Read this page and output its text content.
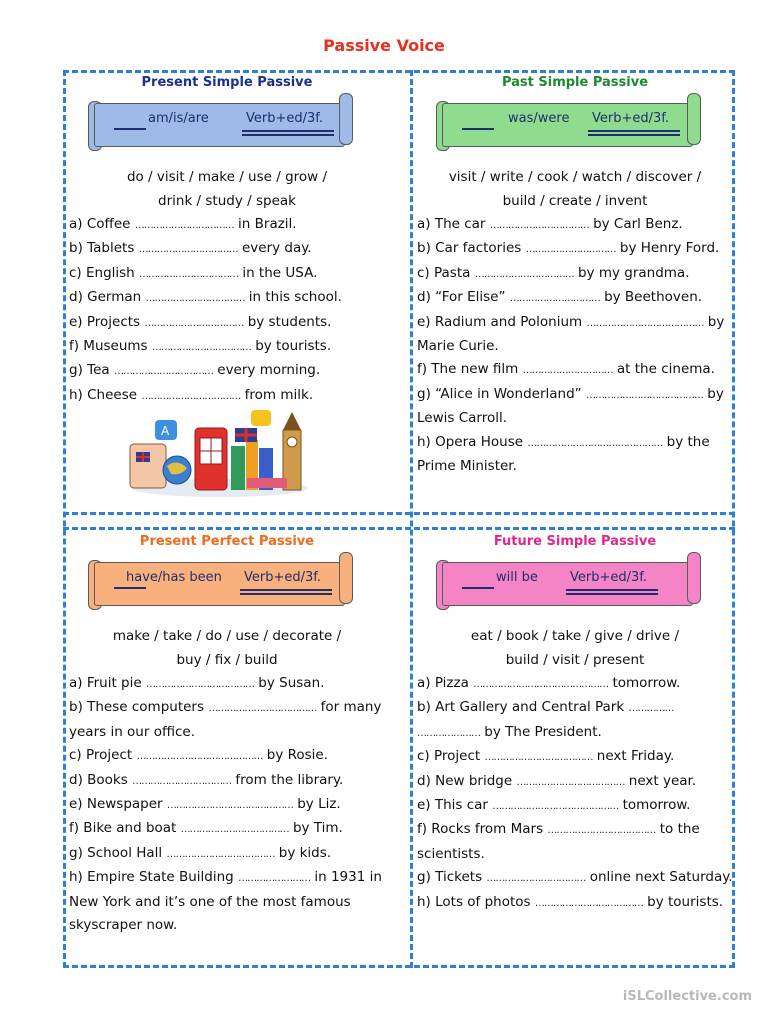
Passive Voice
Present Simple Passive
am/is/are	Verb+ed/3f.
do / visit / make / use / grow /
drink / study / speak
a) Coffee …………………………… in Brazil.
b) Tablets …………………………… every day.
c) English …………………………… in the USA.
d) German …………………………… in this school.
e) Projects …………………………… by students.
f) Museums …………………………… by tourists.
g) Tea …………………………… every morning.
h) Cheese …………………………… from milk.
Past Simple Passive
was/were Verb+ed/3f.
visit / write / cook / watch / discover /
build / create / invent
a) The car …………………………… by Carl Benz.
b) Car factories ………………………… by Henry Ford.
c) Pasta …………………………… by my grandma.
d) “For Elise” ………………………… by Beethoven.
e) Radium and Polonium ………………………………… by Marie Curie.
f) The new film ………………………… at the cinema.
g) “Alice in Wonderland” ………………………………… by Lewis Carroll.
h) Opera House ……………………………………… by the Prime Minister.
Present Perfect Passive
have/has been Verb+ed/3f.
make / take / do / use / decorate /
buy / fix / build
a) Fruit pie ……………………………… by Susan.
b) These computers ……………………………… for many years in our office.
c) Project …………………………………… by Rosie.
d) Books …………………………… from the library.
e) Newspaper …………………………………… by Liz.
f) Bike and boat ……………………………… by Tim.
g) School Hall ……………………………… by kids.
h) Empire State Building …………………… in 1931 in New York and it’s one of the most famous skyscraper now.
Future Simple Passive
will be Verb+ed/3f.
eat / book / take / give / drive /
build / visit / present
a) Pizza ……………………………………… tomorrow.
b) Art Gallery and Central Park …………… ………………… by The President.
c) Project ……………………………… next Friday.
d) New bridge ……………………………… next year.
e) This car …………………………………… tomorrow.
f) Rocks from Mars ……………………………… to the scientists.
g) Tickets …………………………… online next Saturday.
h) Lots of photos ……………………………… by tourists.
A
iSLCollective.com
